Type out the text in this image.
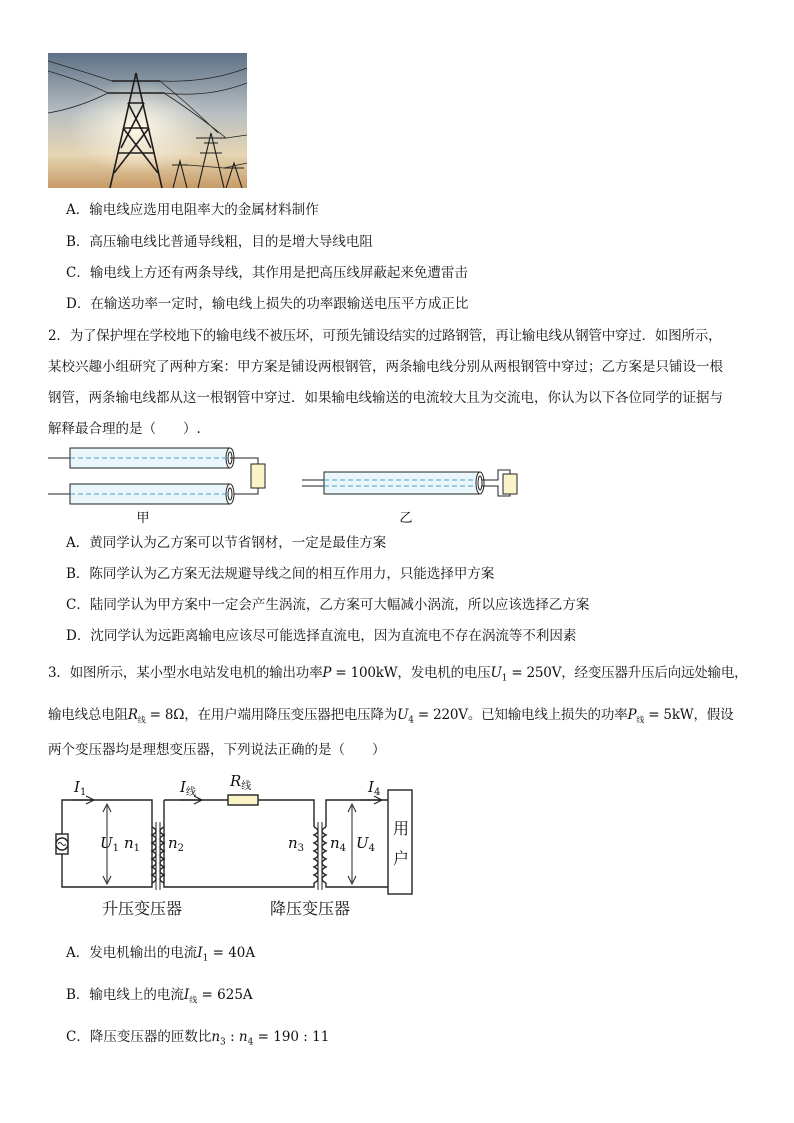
A．输电线应选用电阻率大的金属材料制作
B．高压输电线比普通导线粗，目的是增大导线电阻
C．输电线上方还有两条导线，其作用是把高压线屏蔽起来免遭雷击
D．在输送功率一定时，输电线上损失的功率跟输送电压平方成正比
2．为了保护埋在学校地下的输电线不被压坏，可预先铺设结实的过路钢管，再让输电线从钢管中穿过．如图所示，
某校兴趣小组研究了两种方案：甲方案是铺设两根钢管，两条输电线分别从两根钢管中穿过；乙方案是只铺设一根
钢管，两条输电线都从这一根钢管中穿过．如果输电线输送的电流较大且为交流电，你认为以下各位同学的证据与
解释最合理的是（　　）.
甲	乙
A．黄同学认为乙方案可以节省钢材，一定是最佳方案
B．陈同学认为乙方案无法规避导线之间的相互作用力，只能选择甲方案
C．陆同学认为甲方案中一定会产生涡流，乙方案可大幅减小涡流，所以应该选择乙方案
D．沈同学认为远距离输电应该尽可能选择直流电，因为直流电不存在涡流等不利因素
3．如图所示，某小型水电站发电机的输出功率P = 100kW，发电机的电压$U_1 = 250V$，经变压器升压后向远处输电，
输电线总电阻$R_线 = 8\Omega$，在用户端用降压变压器把电压降为$U_4 = 220V$。已知输电线上损失的功率$P_线 = 5kW$，假设
两个变压器均是理想变压器，下列说法正确的是（　　）
$I_1$	$I_线$
$R_线$	$I_4$
$U_1$ $n_1$ $n_2$	$n_3$ $n_4$ $U_4$
用
户
升压变压器	降压变压器
A．发电机输出的电流$I_1 = 40A$
B．输电线上的电流$I_线 = 625A$
C．降压变压器的匝数比$n_3$ : $n_4 = 190$ : 11
